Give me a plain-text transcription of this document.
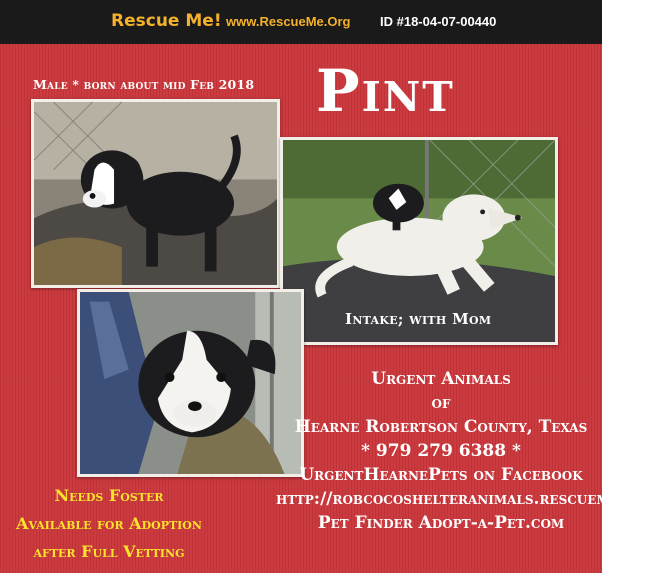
Rescue Me! www.RescueMe.Org ID #18-04-07-00440
Male * born about mid Feb 2018 Pint
Intake; with Mom
Urgent Animals
of
Hearne Robertson County, Texas
* 979 279 6388 *
UrgentHearnePets on Facebook
http://robcocoshelteranimals.rescueme.org/
Pet Finder Adopt-a-Pet.com
Needs Foster
Available for Adoption
after Full Vetting
